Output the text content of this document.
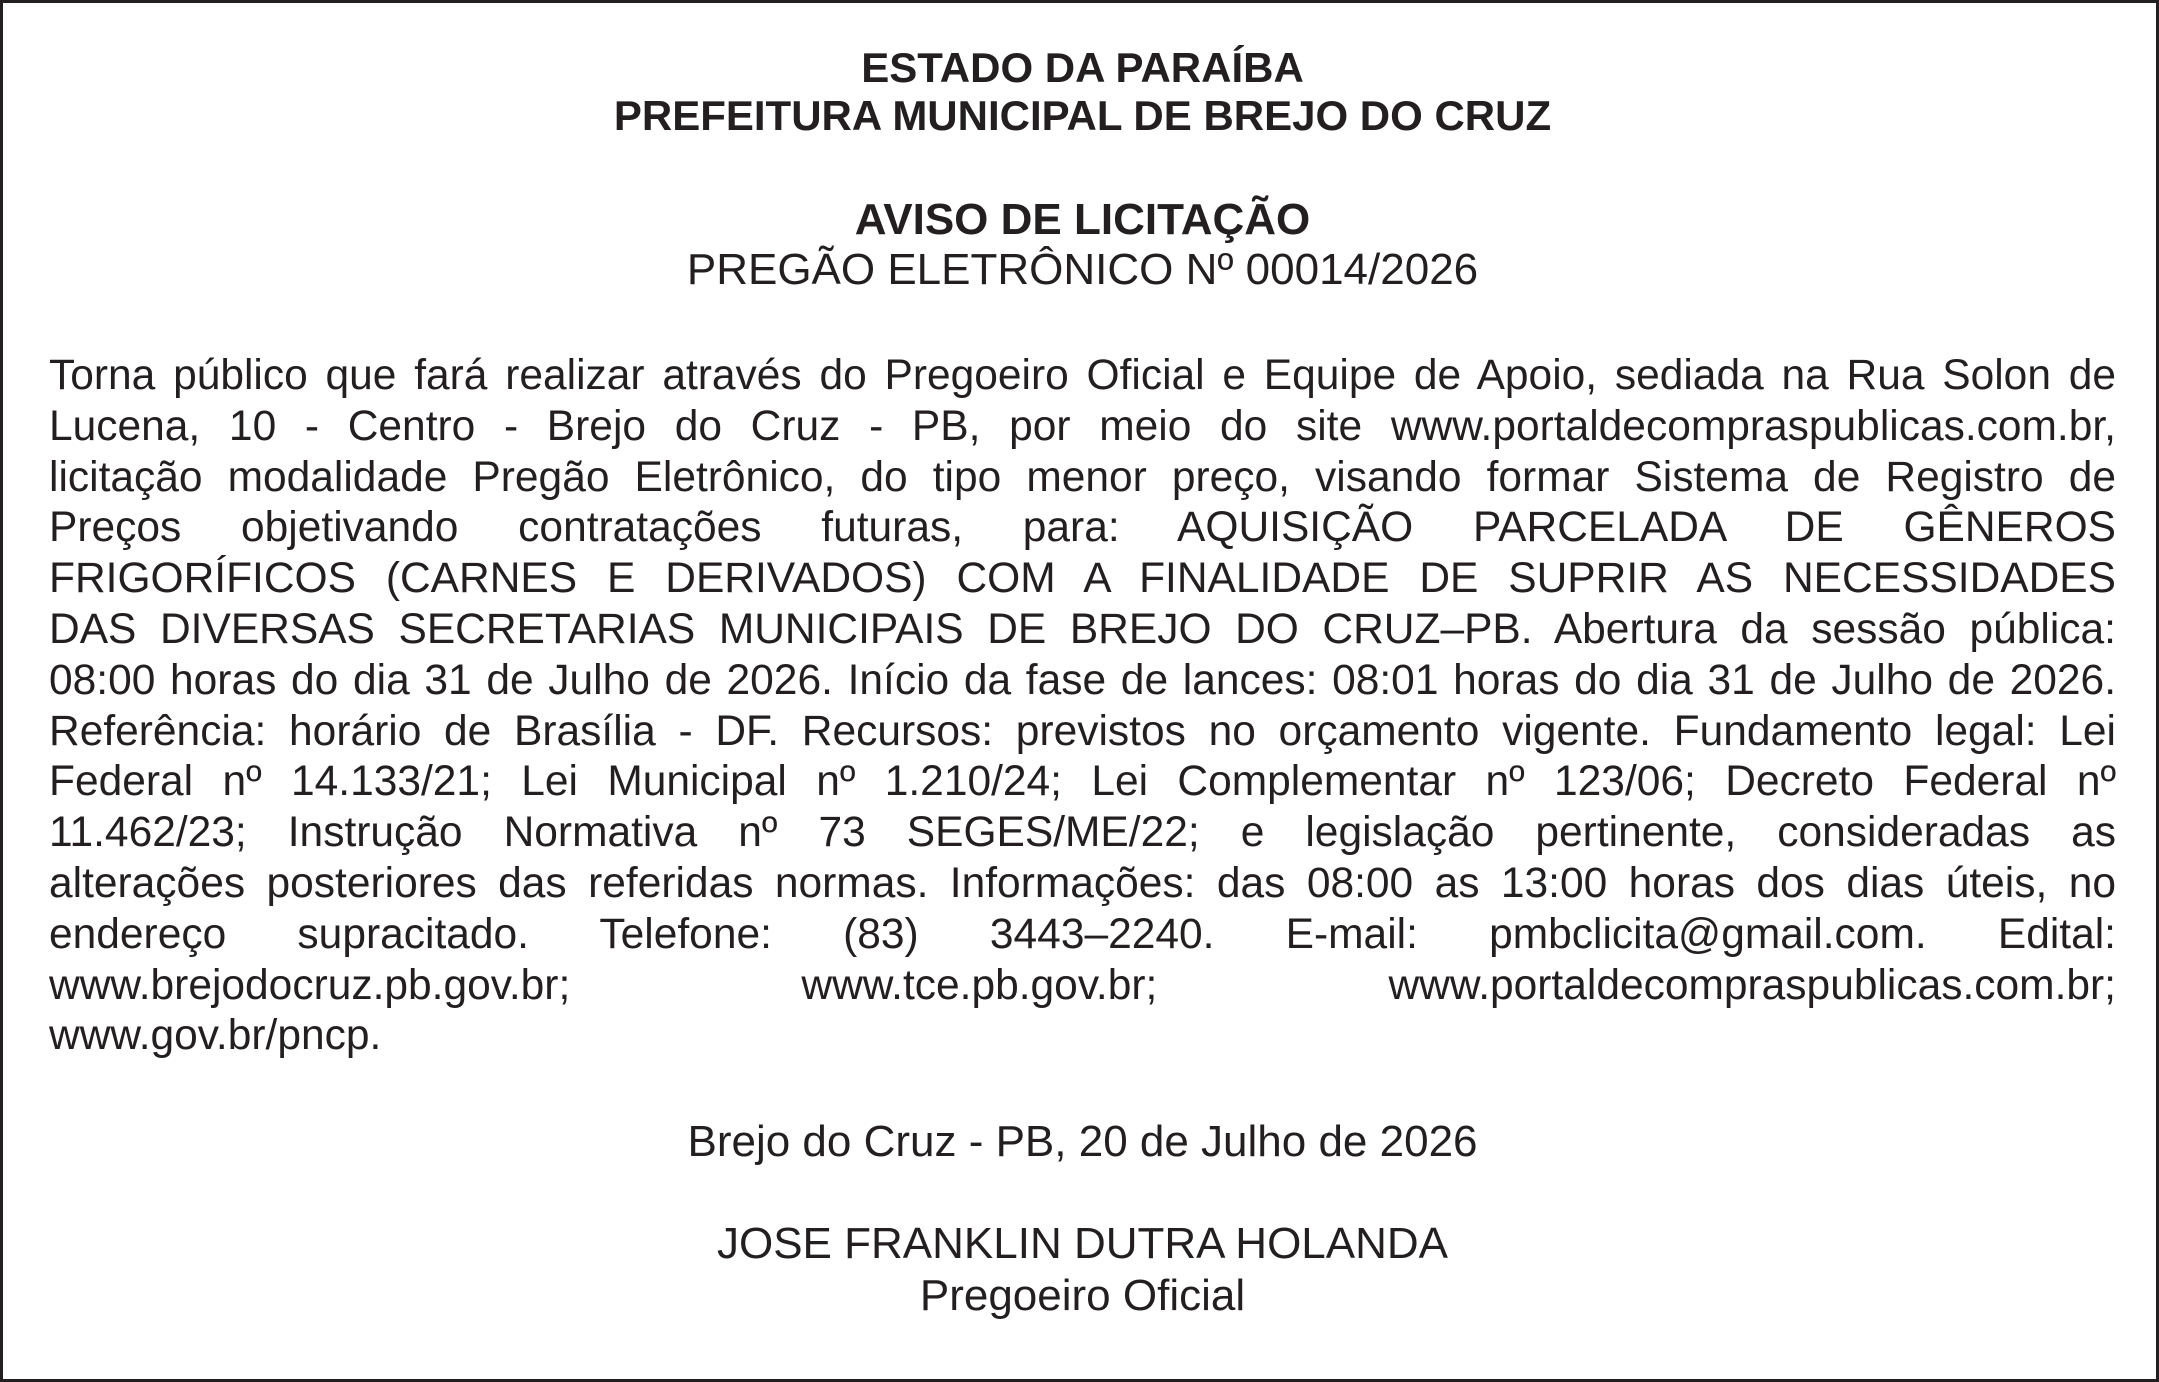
ESTADO DA PARAÍBA
PREFEITURA MUNICIPAL DE BREJO DO CRUZ
AVISO DE LICITAÇÃO
PREGÃO ELETRÔNICO Nº 00014/2026
Torna público que fará realizar através do Pregoeiro Oficial e Equipe de Apoio, sediada na Rua Solon de
Lucena, 10 - Centro - Brejo do Cruz - PB, por meio do site www.portaldecompraspublicas.com.br,
licitação modalidade Pregão Eletrônico, do tipo menor preço, visando formar Sistema de Registro de
Preços objetivando contratações futuras, para: AQUISIÇÃO PARCELADA DE GÊNEROS
FRIGORÍFICOS (CARNES E DERIVADOS) COM A FINALIDADE DE SUPRIR AS NECESSIDADES
DAS DIVERSAS SECRETARIAS MUNICIPAIS DE BREJO DO CRUZ–PB. Abertura da sessão pública:
08:00 horas do dia 31 de Julho de 2026. Início da fase de lances: 08:01 horas do dia 31 de Julho de 2026.
Referência: horário de Brasília - DF. Recursos: previstos no orçamento vigente. Fundamento legal: Lei
Federal nº 14.133/21; Lei Municipal nº 1.210/24; Lei Complementar nº 123/06; Decreto Federal nº
11.462/23; Instrução Normativa nº 73 SEGES/ME/22; e legislação pertinente, consideradas as
alterações posteriores das referidas normas. Informações: das 08:00 as 13:00 horas dos dias úteis, no
endereço supracitado. Telefone: (83) 3443–2240. E-mail: pmbclicita@gmail.com. Edital:
www.brejodocruz.pb.gov.br; www.tce.pb.gov.br; www.portaldecompraspublicas.com.br;
www.gov.br/pncp.
Brejo do Cruz - PB, 20 de Julho de 2026
JOSE FRANKLIN DUTRA HOLANDA
Pregoeiro Oficial
